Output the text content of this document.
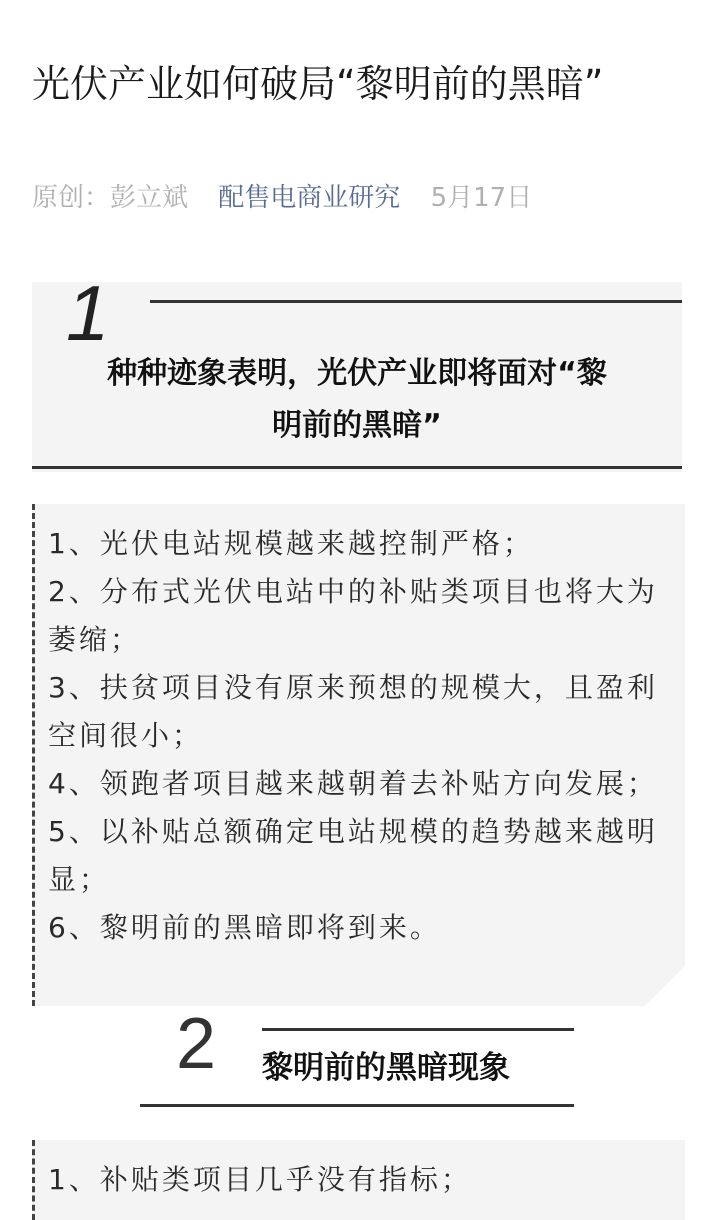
光伏产业如何破局“黎明前的黑暗”
原创：彭立斌 配售电商业研究 5月17日
1
种种迹象表明，光伏产业即将面对“黎
明前的黑暗”
1、光伏电站规模越来越控制严格；
2、分布式光伏电站中的补贴类项目也将大为萎缩；
3、扶贫项目没有原来预想的规模大，且盈利空间很小；
4、领跑者项目越来越朝着去补贴方向发展；
5、以补贴总额确定电站规模的趋势越来越明显；
6、黎明前的黑暗即将到来。
2 黎明前的黑暗现象
1、补贴类项目几乎没有指标；
